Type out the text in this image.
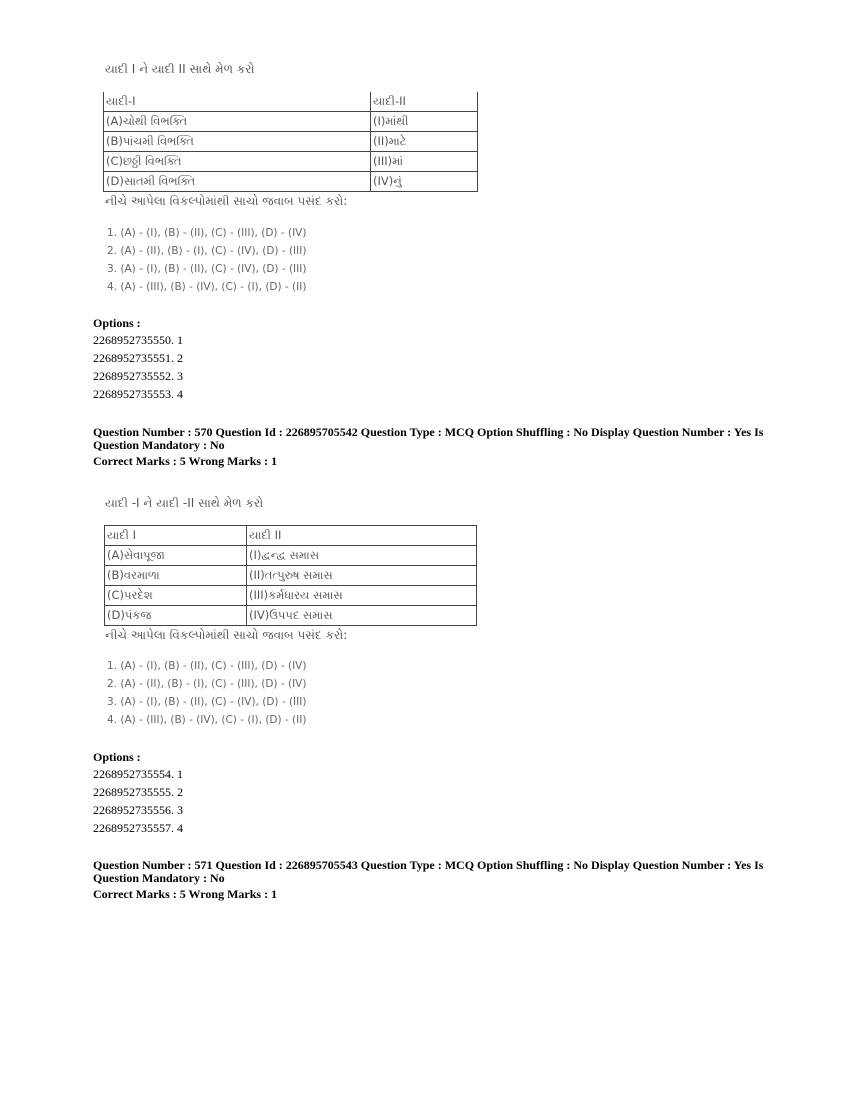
યાદી I ને યાદી II સાથે મેળ કરો
યાદી-I	યાદી-II
(A)ચોથી વિભક્તિ	(I)માંથી
(B)પાંચમી વિભક્તિ	(II)માટે
(C)છઠ્ઠી વિભક્તિ	(III)માં
(D)સાતમી વિભક્તિ	(IV)નું
નીચે આપેલા વિકલ્પોમાંથી સાચો જવાબ પસંદ કરો:
1. (A) - (I), (B) - (II), (C) - (III), (D) - (IV)
2. (A) - (II), (B) - (I), (C) - (IV), (D) - (III)
3. (A) - (I), (B) - (II), (C) - (IV), (D) - (III)
4. (A) - (III), (B) - (IV), (C) - (I), (D) - (II)
Options :
2268952735550. 1
2268952735551. 2
2268952735552. 3
2268952735553. 4
Question Number : 570 Question Id : 226895705542 Question Type : MCQ Option Shuffling : No Display Question Number : Yes Is Question Mandatory : No
Correct Marks : 5 Wrong Marks : 1
યાદી -I ને યાદી -II સાથે મેળ કરો
યાદી I	યાદી II
(A)સેવાપૂજા	(I)દ્વન્દ્વ સમાસ
(B)વરમાળા	(II)તત્પુરુષ સમાસ
(C)પરદેશ	(III)કર્મધારય સમાસ
(D)પંકજ	(IV)ઉપપદ સમાસ
નીચે આપેલા વિકલ્પોમાંથી સાચો જવાબ પસંદ કરો:
1. (A) - (I), (B) - (II), (C) - (III), (D) - (IV)
2. (A) - (II), (B) - (I), (C) - (III), (D) - (IV)
3. (A) - (I), (B) - (II), (C) - (IV), (D) - (III)
4. (A) - (III), (B) - (IV), (C) - (I), (D) - (II)
Options :
2268952735554. 1
2268952735555. 2
2268952735556. 3
2268952735557. 4
Question Number : 571 Question Id : 226895705543 Question Type : MCQ Option Shuffling : No Display Question Number : Yes Is Question Mandatory : No
Correct Marks : 5 Wrong Marks : 1
